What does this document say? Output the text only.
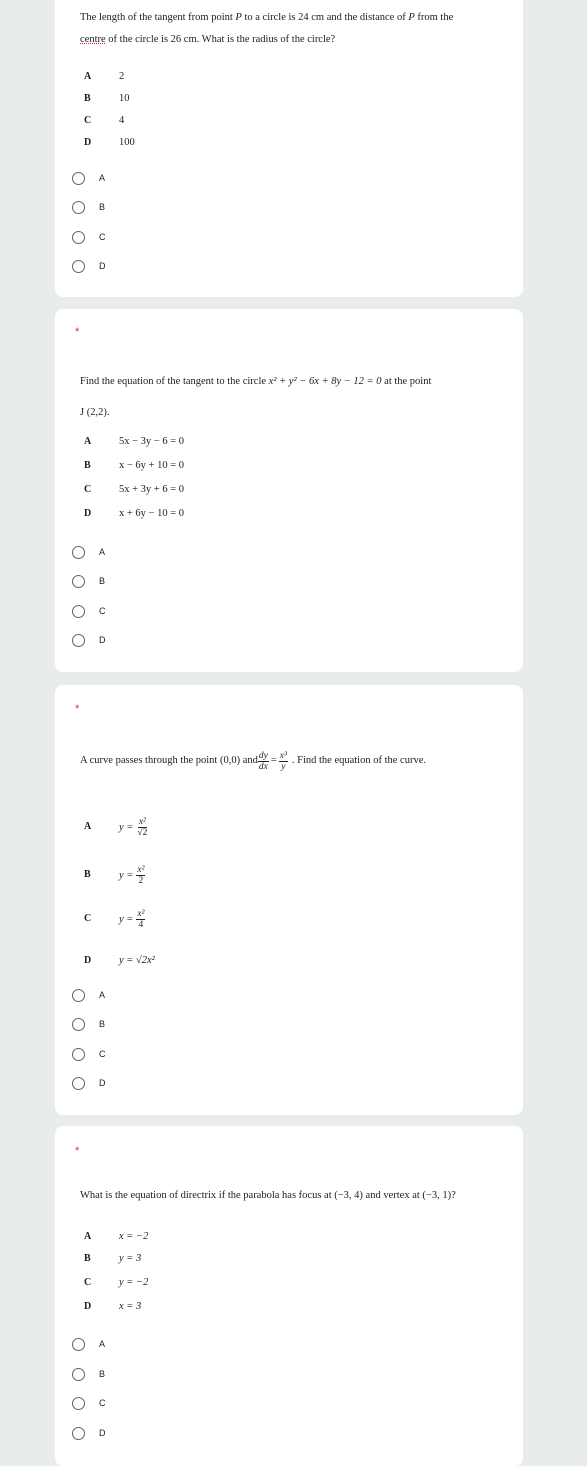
The length of the tangent from point P to a circle is 24 cm and the distance of P from the
centre of the circle is 26 cm. What is the radius of the circle?
A	2
B	10
C	4
D	100
A
B
C
D
*
Find the equation of the tangent to the circle x² + y² − 6x + 8y − 12 = 0 at the point
J (2,2).
A	5x − 3y − 6 = 0
B	x − 6y + 10 = 0
C	5x + 3y + 6 = 0
D	x + 6y − 10 = 0
A
B
C
D
*
A curve passes through the point (0,0) and $\frac{dy}{dx} = \frac{\text{x³}}{y}$ . Find the equation of the curve.
A	$y = \frac{\text{x²}}{√2}$
B	$y = \frac{\text{x²}}{2}$
C	$y = \frac{\text{x²}}{4}$
D	y = √2x²
A
B
C
D
*
What is the equation of directrix if the parabola has focus at (−3, 4) and vertex at (−3, 1)?
A	x = −2
B	y = 3
C	y = −2
D	x = 3
A
B
C
D
